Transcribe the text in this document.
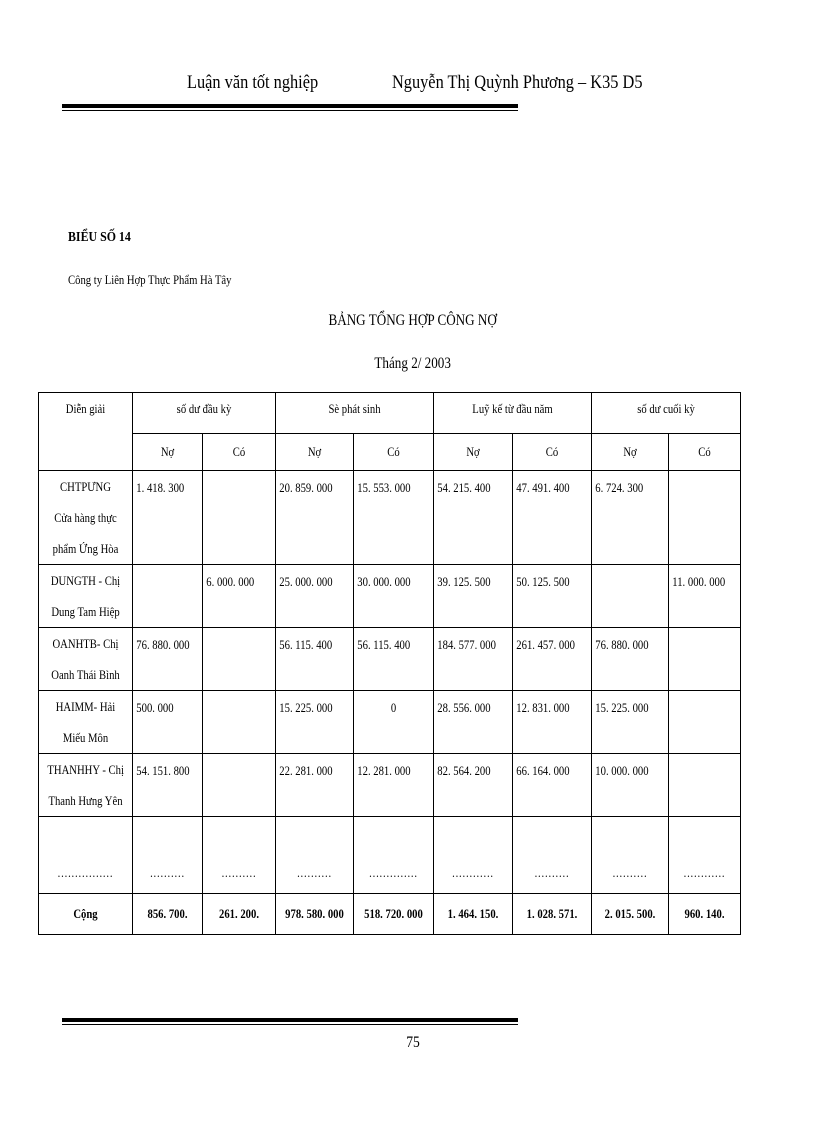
Luận văn tốt nghiệp	Nguyễn Thị Quỳnh Phương – K35 D5
BIỂU SỐ 14
Công ty Liên Hợp Thực Phẩm Hà Tây
BẢNG TỔNG HỢP CÔNG NỢ
Tháng 2/ 2003
Diễn giải	số dư đầu kỳ		Sè phát sinh		Luỹ kế từ đầu năm		số dư cuối kỳ	

	Nợ	Có	Nợ	Có	Nợ	Có	Nợ	Có

CHTPƯNG
Cửa hàng thực
phẩm Ứng Hòa	1. 418. 300		20. 859. 000	15. 553. 000	54. 215. 400	47. 491. 400	6. 724. 300	

DUNGTH - Chị
Dung Tam Hiệp		6. 000. 000	25. 000. 000	30. 000. 000	39. 125. 500	50. 125. 500		11. 000. 000

OANHTB- Chị
Oanh Thái Bình	76. 880. 000		56. 115. 400	56. 115. 400	184. 577. 000	261. 457. 000	76. 880. 000	

HAIMM- Hải
Miếu Môn	500. 000		15. 225. 000	0	28. 556. 000	12. 831. 000	15. 225. 000	

THANHHY - Chị
Thanh Hưng Yên	54. 151. 800		22. 281. 000	12. 281. 000	82. 564. 200	66. 164. 000	10. 000. 000	

................	..........	..........	..........	..............	............	..........	..........	............

Cộng	856. 700.	261. 200.	978. 580. 000	518. 720. 000	1. 464. 150.	1. 028. 571.	2. 015. 500.	960. 140.
75
